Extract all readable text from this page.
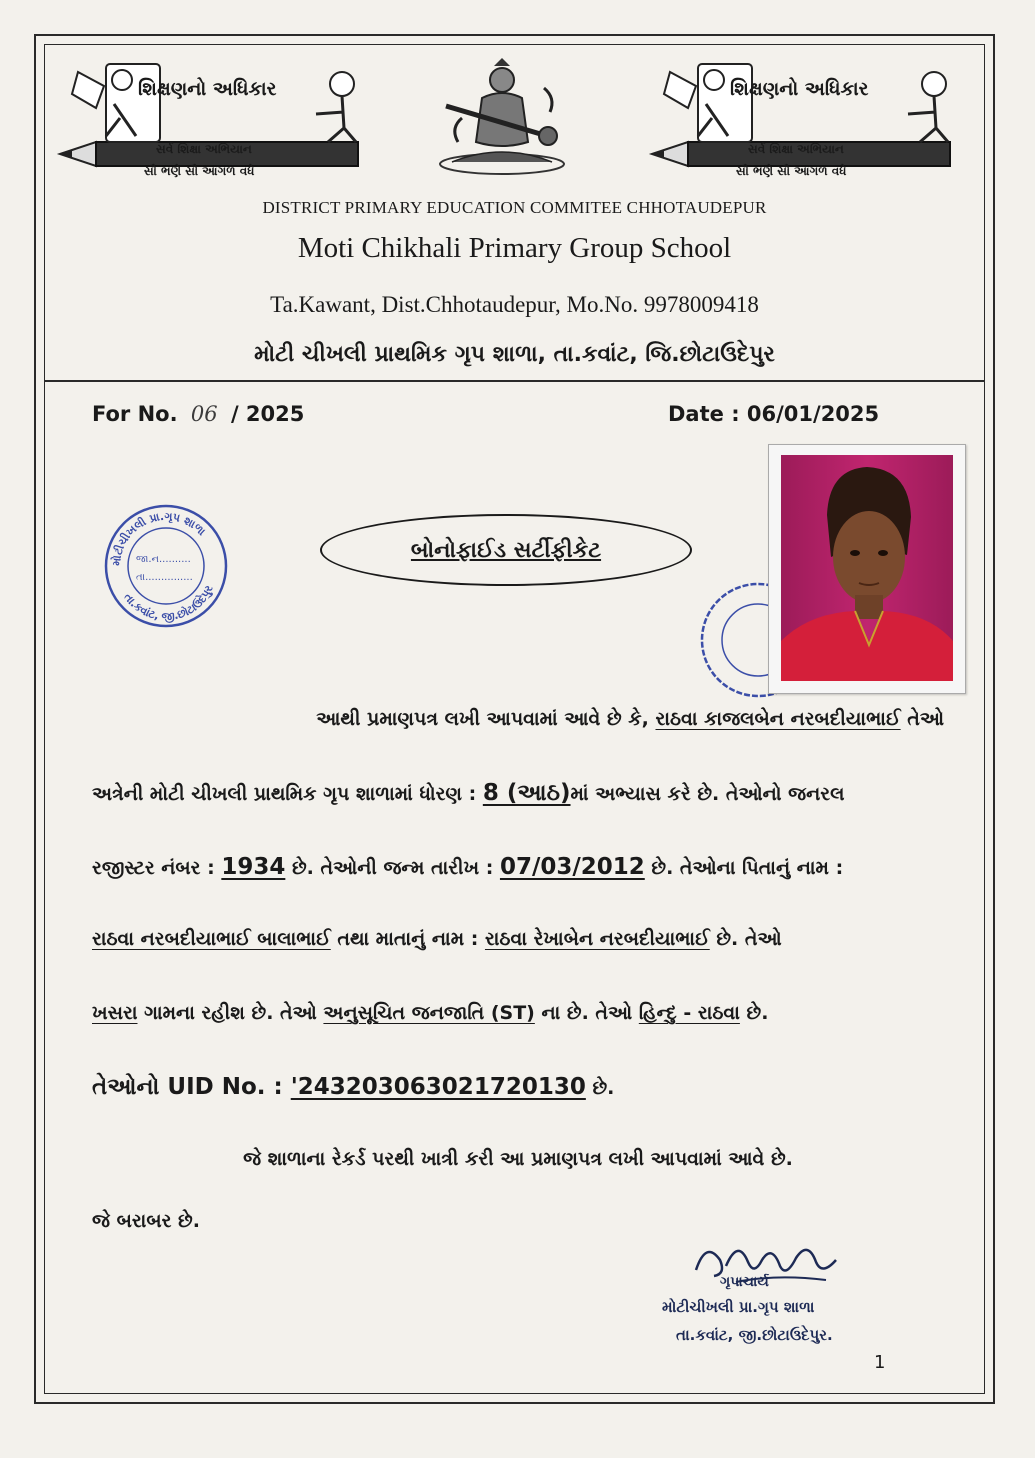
શિક્ષણનો અધિકાર
સર્વ શિક્ષા અભિયાન
સૌ ભણે સૌ આગળ વધે
શિક્ષણનો અધિકાર
સર્વ શિક્ષા અભિયાન
સૌ ભણે સૌ આગળ વધે
DISTRICT PRIMARY EDUCATION COMMITEE CHHOTAUDEPUR
Moti Chikhali Primary Group School
Ta.Kawant, Dist.Chhotaudepur, Mo.No. 9978009418
મોટી ચીખલી પ્રાથમિક ગૃપ શાળા, તા.કવાંટ, જિ.છોટાઉદેપુર
For No. 06 / 2025	Date : 06/01/2025
મોટીચીખલી પ્રા.ગૃપ શાળા
તા.કવાંટ, જી.છોટાઉદેપુર
જા.ન..........
તા...............
બોનોફાઈડ સર્ટીફીકેટ
આથી પ્રમાણપત્ર લખી આપવામાં આવે છે કે, રાઠવા કાજલબેન નરબદીયાભાઈ તેઓ
અત્રેની મોટી ચીખલી પ્રાથમિક ગૃપ શાળામાં ધોરણ : 8 (આઠ)માં અભ્યાસ કરે છે. તેઓનો જનરલ
રજીસ્ટર નંબર : 1934 છે. તેઓની જન્મ તારીખ : 07/03/2012 છે. તેઓના પિતાનું નામ :
રાઠવા નરબદીયાભાઈ બાલાભાઈ તથા માતાનું નામ : રાઠવા રેખાબેન નરબદીયાભાઈ છે. તેઓ
ખસરા ગામના રહીશ છે. તેઓ અનુસૂચિત જનજાતિ (ST) ના છે. તેઓ હિન્દુ - રાઠવા છે.
તેઓનો UID No. : '243203063021720130 છે.
જે શાળાના રેકર્ડ પરથી ખાત્રી કરી આ પ્રમાણપત્ર લખી આપવામાં આવે છે.
જે બરાબર છે.
ગૃપાચાર્ય
મોટીચીખલી પ્રા.ગૃપ શાળા
તા.કવાંટ, જી.છોટાઉદેપુર.
1
